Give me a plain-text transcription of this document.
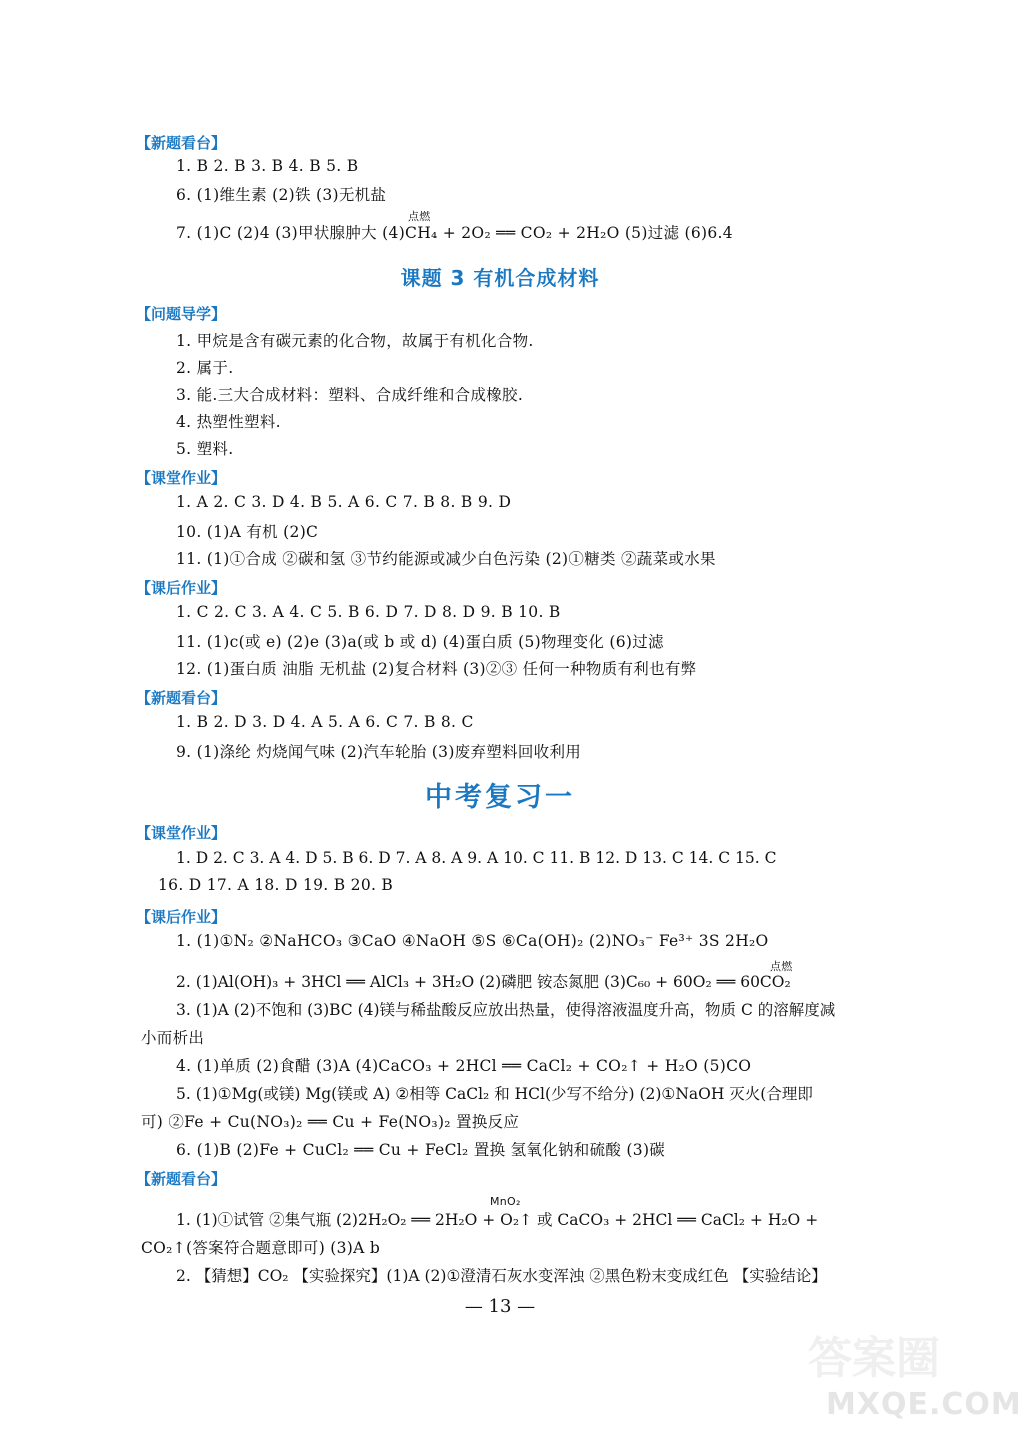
【新题看台】
1. B 2. B 3. B 4. B 5. B
6. (1)维生素 (2)铁 (3)无机盐
点燃
7. (1)C (2)4 (3)甲状腺肿大 (4)CH₄ + 2O₂ ══ CO₂ + 2H₂O (5)过滤 (6)6.4
课题 3 有机合成材料
【问题导学】
1. 甲烷是含有碳元素的化合物，故属于有机化合物.
2. 属于.
3. 能.三大合成材料：塑料、合成纤维和合成橡胶.
4. 热塑性塑料.
5. 塑料.
【课堂作业】
1. A 2. C 3. D 4. B 5. A 6. C 7. B 8. B 9. D
10. (1)A 有机 (2)C
11. (1)①合成 ②碳和氢 ③节约能源或减少白色污染 (2)①糖类 ②蔬菜或水果
【课后作业】
1. C 2. C 3. A 4. C 5. B 6. D 7. D 8. D 9. B 10. B
11. (1)c(或 e) (2)e (3)a(或 b 或 d) (4)蛋白质 (5)物理变化 (6)过滤
12. (1)蛋白质 油脂 无机盐 (2)复合材料 (3)②③ 任何一种物质有利也有弊
【新题看台】
1. B 2. D 3. D 4. A 5. A 6. C 7. B 8. C
9. (1)涤纶 灼烧闻气味 (2)汽车轮胎 (3)废弃塑料回收利用
中考复习一
【课堂作业】
1. D 2. C 3. A 4. D 5. B 6. D 7. A 8. A 9. A 10. C 11. B 12. D 13. C 14. C 15. C
16. D 17. A 18. D 19. B 20. B
【课后作业】
1. (1)①N₂ ②NaHCO₃ ③CaO ④NaOH ⑤S ⑥Ca(OH)₂ (2)NO₃⁻ Fe³⁺ 3S 2H₂O
点燃
2. (1)Al(OH)₃ + 3HCl ══ AlCl₃ + 3H₂O (2)磷肥 铵态氮肥 (3)C₆₀ + 60O₂ ══ 60CO₂
3. (1)A (2)不饱和 (3)BC (4)镁与稀盐酸反应放出热量，使得溶液温度升高，物质 C 的溶解度减
小而析出
4. (1)单质 (2)食醋 (3)A (4)CaCO₃ + 2HCl ══ CaCl₂ + CO₂↑ + H₂O (5)CO
5. (1)①Mg(或镁) Mg(镁或 A) ②相等 CaCl₂ 和 HCl(少写不给分) (2)①NaOH 灭火(合理即
可) ②Fe + Cu(NO₃)₂ ══ Cu + Fe(NO₃)₂ 置换反应
6. (1)B (2)Fe + CuCl₂ ══ Cu + FeCl₂ 置换 氢氧化钠和硫酸 (3)碳
【新题看台】
MnO₂
1. (1)①试管 ②集气瓶 (2)2H₂O₂ ══ 2H₂O + O₂↑ 或 CaCO₃ + 2HCl ══ CaCl₂ + H₂O +
CO₂↑(答案符合题意即可) (3)A b
2. 【猜想】CO₂ 【实验探究】(1)A (2)①澄清石灰水变浑浊 ②黑色粉末变成红色 【实验结论】
— 13 —
答案圈
MXQE.COM
